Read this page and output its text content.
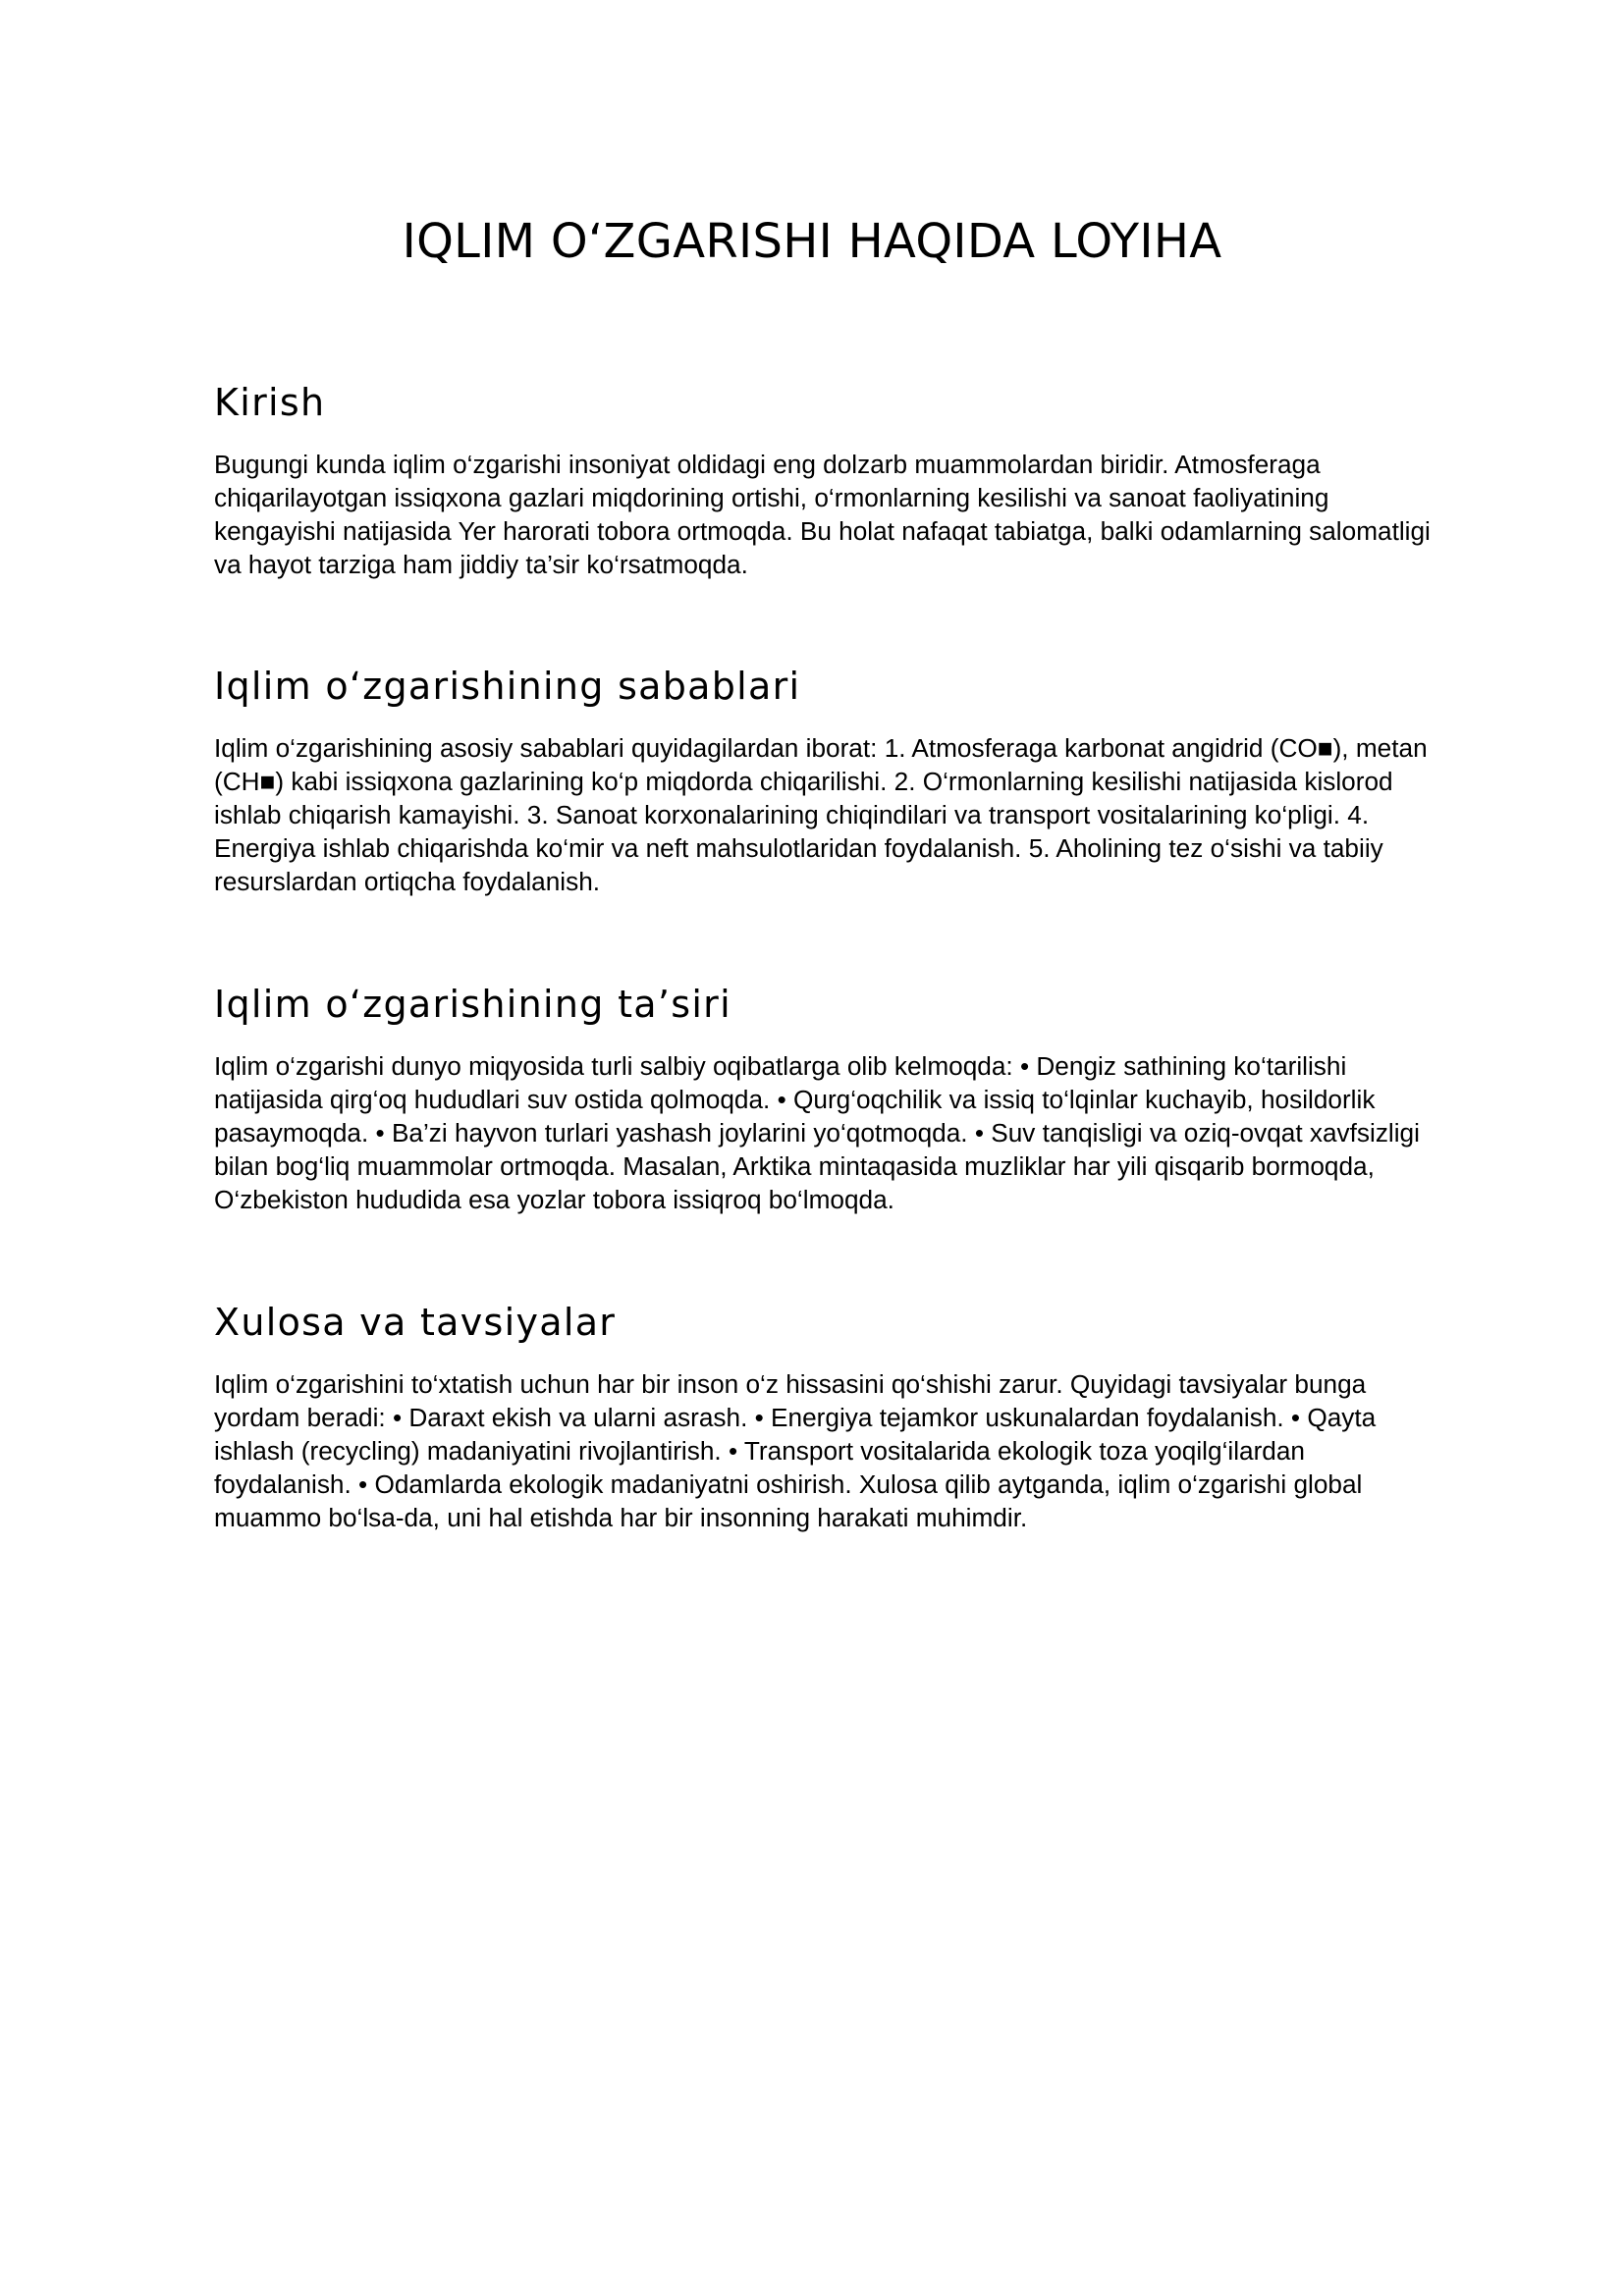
IQLIM O‘ZGARISHI HAQIDA LOYIHA
Kirish

Bugungi kunda iqlim o‘zgarishi insoniyat oldidagi eng dolzarb muammolardan biridir. Atmosferaga chiqarilayotgan issiqxona gazlari miqdorining ortishi, o‘rmonlarning kesilishi va sanoat faoliyatining kengayishi natijasida Yer harorati tobora ortmoqda. Bu holat nafaqat tabiatga, balki odamlarning salomatligi va hayot tarziga ham jiddiy ta’sir ko‘rsatmoqda.

Iqlim o‘zgarishining sabablari

Iqlim o‘zgarishining asosiy sabablari quyidagilardan iborat: 1. Atmosferaga karbonat angidrid (CO■), metan (CH■) kabi issiqxona gazlarining ko‘p miqdorda chiqarilishi. 2. O‘rmonlarning kesilishi natijasida kislorod ishlab chiqarish kamayishi. 3. Sanoat korxonalarining chiqindilari va transport vositalarining ko‘pligi. 4. Energiya ishlab chiqarishda ko‘mir va neft mahsulotlaridan foydalanish. 5. Aholining tez o‘sishi va tabiiy resurslardan ortiqcha foydalanish.

Iqlim o‘zgarishining ta’siri

Iqlim o‘zgarishi dunyo miqyosida turli salbiy oqibatlarga olib kelmoqda: • Dengiz sathining ko‘tarilishi natijasida qirg‘oq hududlari suv ostida qolmoqda. • Qurg‘oqchilik va issiq to‘lqinlar kuchayib, hosildorlik pasaymoqda. • Ba’zi hayvon turlari yashash joylarini yo‘qotmoqda. • Suv tanqisligi va oziq-ovqat xavfsizligi bilan bog‘liq muammolar ortmoqda. Masalan, Arktika mintaqasida muzliklar har yili qisqarib bormoqda, O‘zbekiston hududida esa yozlar tobora issiqroq bo‘lmoqda.

Xulosa va tavsiyalar

Iqlim o‘zgarishini to‘xtatish uchun har bir inson o‘z hissasini qo‘shishi zarur. Quyidagi tavsiyalar bunga yordam beradi: • Daraxt ekish va ularni asrash. • Energiya tejamkor uskunalardan foydalanish. • Qayta ishlash (recycling) madaniyatini rivojlantirish. • Transport vositalarida ekologik toza yoqilg‘ilardan foydalanish. • Odamlarda ekologik madaniyatni oshirish. Xulosa qilib aytganda, iqlim o‘zgarishi global muammo bo‘lsa-da, uni hal etishda har bir insonning harakati muhimdir.
